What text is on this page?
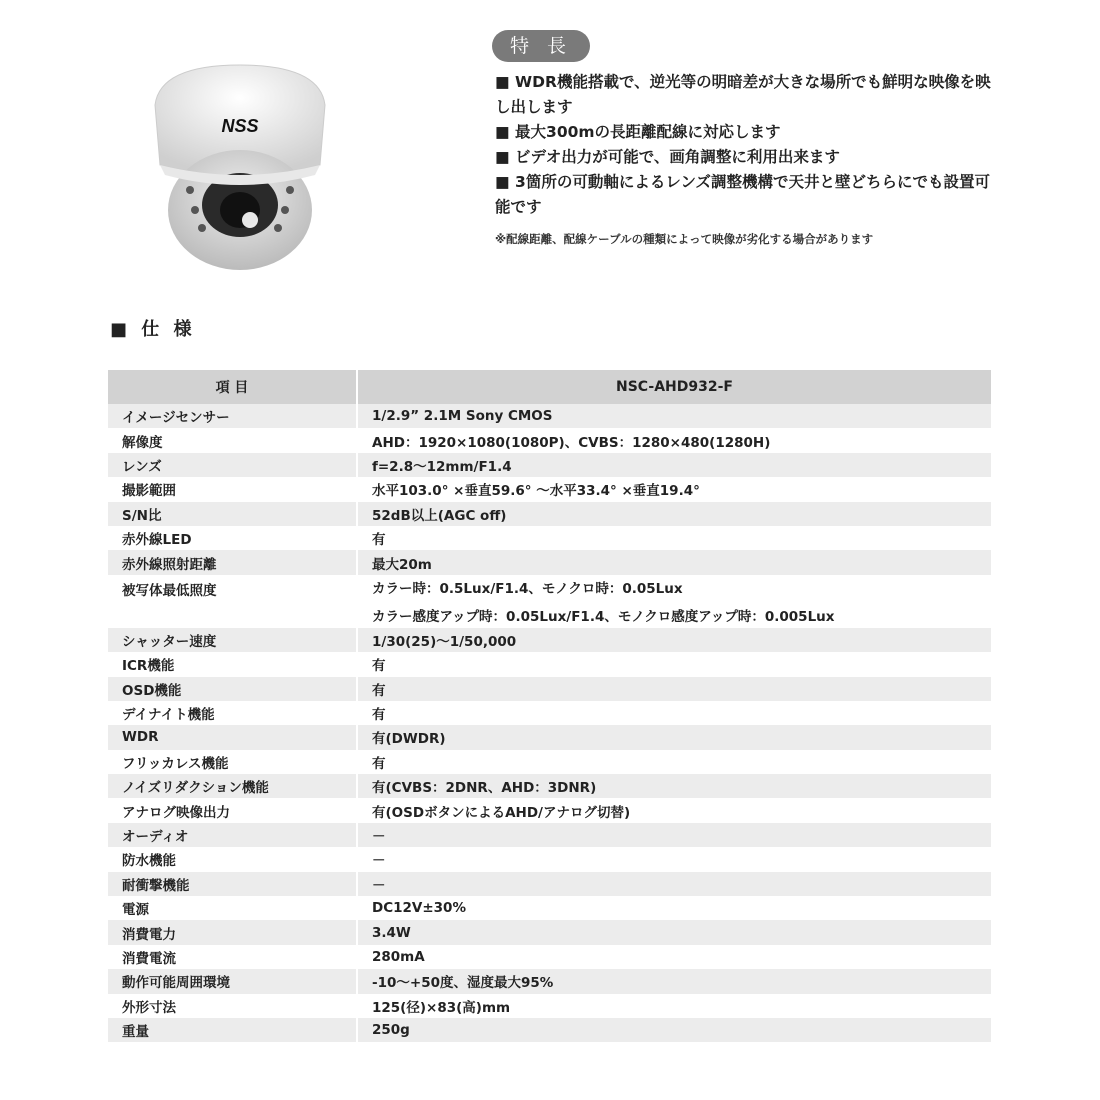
NSS
特 長
■ WDR機能搭載で、逆光等の明暗差が大きな場所でも鮮明な映像を映し出します
■ 最大300mの長距離配線に対応します
■ ビデオ出力が可能で、画角調整に利用出来ます
■ 3箇所の可動軸によるレンズ調整機構で天井と壁どちらにでも設置可能です
※配線距離、配線ケーブルの種類によって映像が劣化する場合があります
■ 仕 様
項 目	NSC-AHD932-F
イメージセンサー	1/2.9” 2.1M Sony CMOS

解像度	AHD：1920×1080(1080P)、CVBS：1280×480(1280H)

レンズ	f=2.8～12mm/F1.4

撮影範囲	水平103.0° ×垂直59.6° ～水平33.4° ×垂直19.4°

S/N比	52dB以上(AGC off)

赤外線LED	有

赤外線照射距離	最大20m

被写体最低照度	カラー時：0.5Lux/F1.4、モノクロ時：0.05Lux
カラー感度アップ時：0.05Lux/F1.4、モノクロ感度アップ時：0.005Lux

シャッター速度	1/30(25)～1/50,000

ICR機能	有

OSD機能	有

デイナイト機能	有

WDR	有(DWDR)

フリッカレス機能	有

ノイズリダクション機能	有(CVBS：2DNR、AHD：3DNR)

アナログ映像出力	有(OSDボタンによるAHD/アナログ切替)

オーディオ	－

防水機能	－

耐衝撃機能	－

電源	DC12V±30%

消費電力	3.4W

消費電流	280mA

動作可能周囲環境	-10～+50度、湿度最大95%

外形寸法	125(径)×83(高)mm

重量	250g
